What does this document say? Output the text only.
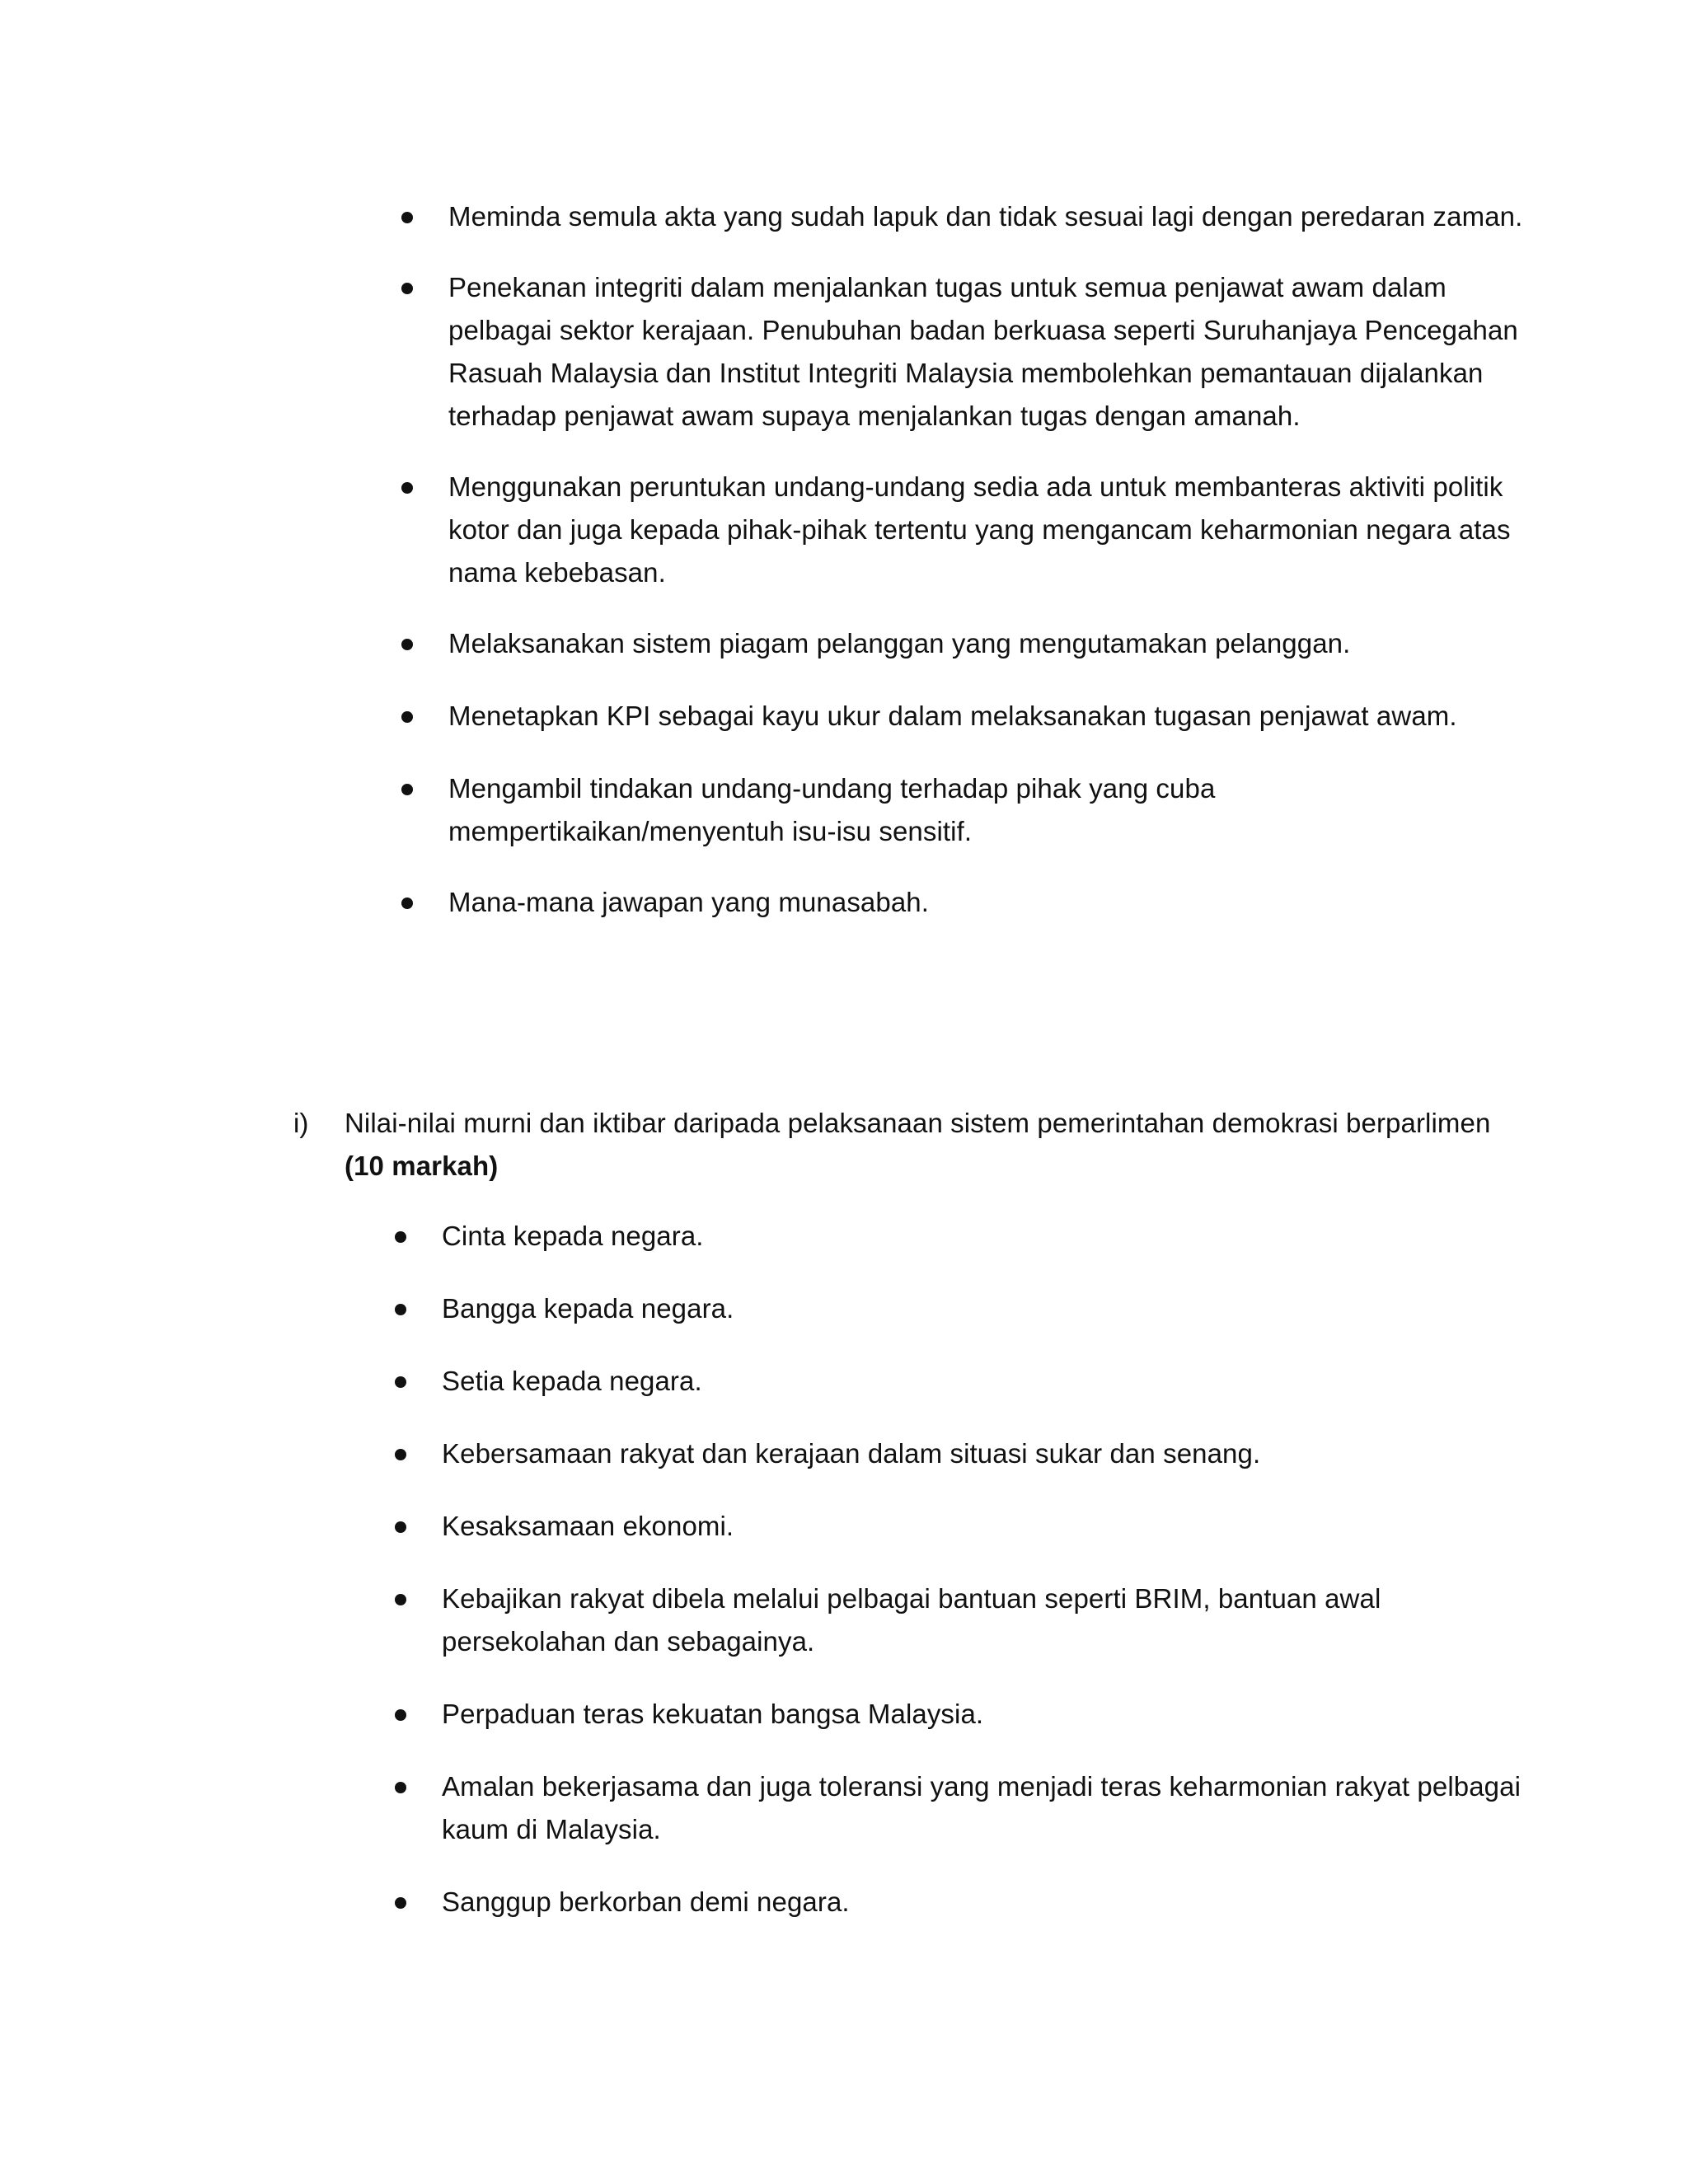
Meminda semula akta yang sudah lapuk dan tidak sesuai lagi dengan peredaran zaman.
Penekanan integriti dalam menjalankan tugas untuk semua penjawat awam dalam pelbagai sektor kerajaan. Penubuhan badan berkuasa seperti Suruhanjaya Pencegahan Rasuah Malaysia dan Institut Integriti Malaysia membolehkan pemantauan dijalankan terhadap penjawat awam supaya menjalankan tugas dengan amanah.
Menggunakan peruntukan undang-undang sedia ada untuk membanteras aktiviti politik kotor dan juga kepada pihak-pihak tertentu yang mengancam keharmonian negara atas nama kebebasan.
Melaksanakan sistem piagam pelanggan yang mengutamakan pelanggan.
Menetapkan KPI sebagai kayu ukur dalam melaksanakan tugasan penjawat awam.
Mengambil tindakan undang-undang terhadap pihak yang cuba mempertikaikan/menyentuh isu-isu sensitif.
Mana-mana jawapan yang munasabah.
i) Nilai-nilai murni dan iktibar daripada pelaksanaan sistem pemerintahan demokrasi berparlimen (10 markah)
Cinta kepada negara.
Bangga kepada negara.
Setia kepada negara.
Kebersamaan rakyat dan kerajaan dalam situasi sukar dan senang.
Kesaksamaan ekonomi.
Kebajikan rakyat dibela melalui pelbagai bantuan seperti BRIM, bantuan awal persekolahan dan sebagainya.
Perpaduan teras kekuatan bangsa Malaysia.
Amalan bekerjasama dan juga toleransi yang menjadi teras keharmonian rakyat pelbagai kaum di Malaysia.
Sanggup berkorban demi negara.
